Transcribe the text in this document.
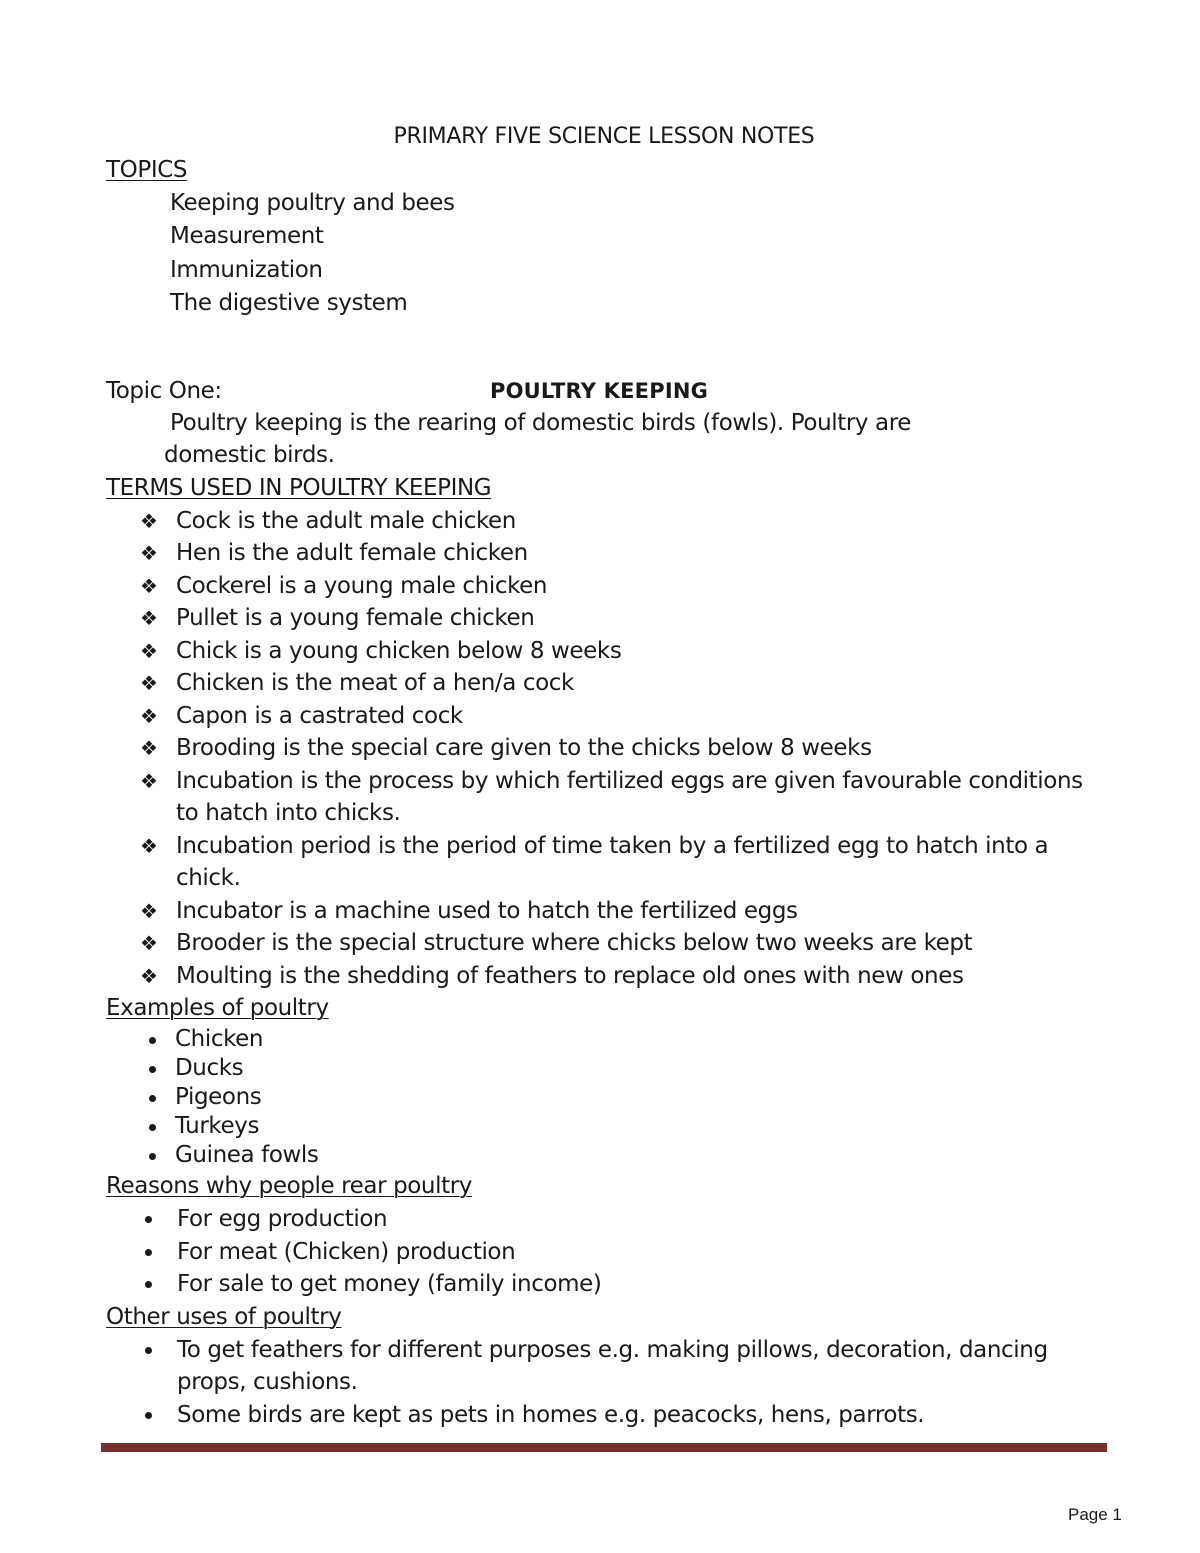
PRIMARY FIVE SCIENCE LESSON NOTES
TOPICS
Keeping poultry and bees
Measurement
Immunization
The digestive system
Topic One:	POULTRY KEEPING
Poultry keeping is the rearing of domestic birds (fowls). Poultry are
domestic birds.
TERMS USED IN POULTRY KEEPING
❖ Cock is the adult male chicken
❖ Hen is the adult female chicken
❖ Cockerel is a young male chicken
❖ Pullet is a young female chicken
❖ Chick is a young chicken below 8 weeks
❖ Chicken is the meat of a hen/a cock
❖ Capon is a castrated cock
❖ Brooding is the special care given to the chicks below 8 weeks
❖ Incubation is the process by which fertilized eggs are given favourable conditions to hatch into chicks.
❖ Incubation period is the period of time taken by a fertilized egg to hatch into a chick.
❖ Incubator is a machine used to hatch the fertilized eggs
❖ Brooder is the special structure where chicks below two weeks are kept
❖ Moulting is the shedding of feathers to replace old ones with new ones
Examples of poultry
Chicken
Ducks
Pigeons
Turkeys
Guinea fowls
Reasons why people rear poultry
For egg production
For meat (Chicken) production
For sale to get money (family income)
Other uses of poultry
To get feathers for different purposes e.g. making pillows, decoration, dancing props, cushions.
Some birds are kept as pets in homes e.g. peacocks, hens, parrots.
Page 1
